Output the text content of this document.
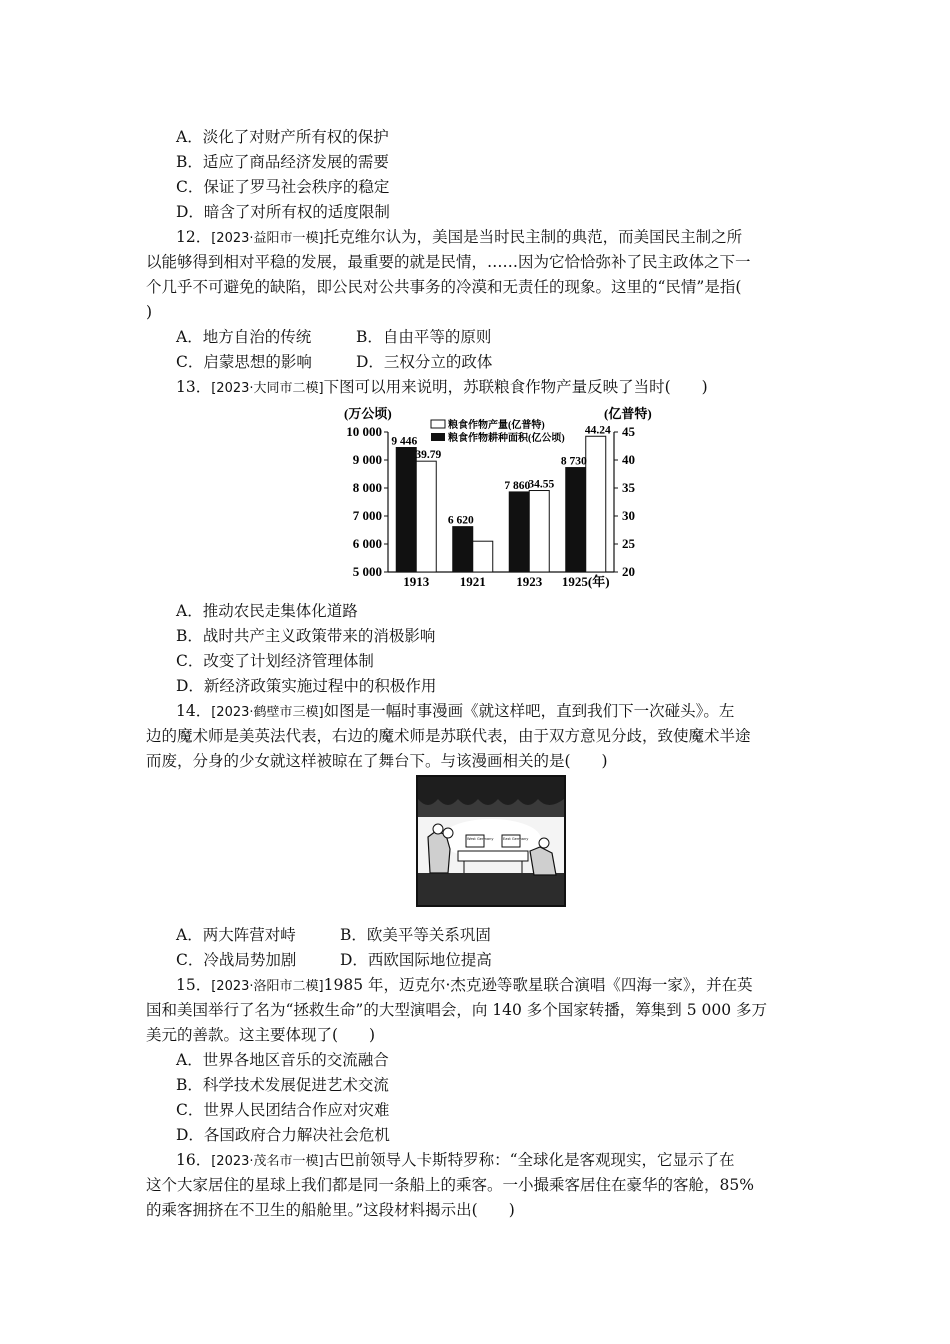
A．淡化了对财产所有权的保护
B．适应了商品经济发展的需要
C．保证了罗马社会秩序的稳定
D．暗含了对所有权的适度限制
12．[2023·益阳市一模]托克维尔认为，美国是当时民主制的典范，而美国民主制之所
以能够得到相对平稳的发展，最重要的就是民情，……因为它恰恰弥补了民主政体之下一
个几乎不可避免的缺陷，即公民对公共事务的冷漠和无责任的现象。这里的“民情”是指(
)
A．地方自治的传统	B．自由平等的原则
C．启蒙思想的影响	D．三权分立的政体
13．[2023·大同市二模]下图可以用来说明，苏联粮食作物产量反映了当时(　　)
(万公顷)	(亿普特)
粮食作物产量(亿普特)
粮食作物耕种面积(亿公顷)
5 000
6 000
7 000
8 000
9 000
10 000
20
25
30
35
40
45
1913
9 446
39.79
1921
6 620
1923
7 860
34.55
1925(年)
8 730
44.24
A．推动农民走集体化道路
B．战时共产主义政策带来的消极影响
C．改变了计划经济管理体制
D．新经济政策实施过程中的积极作用
14．[2023·鹤壁市三模]如图是一幅时事漫画《就这样吧，直到我们下一次碰头》。左
边的魔术师是美英法代表，右边的魔术师是苏联代表，由于双方意见分歧，致使魔术半途
而废，分身的少女就这样被晾在了舞台下。与该漫画相关的是(　　)
West Germany	East Germany
A．两大阵营对峙	B．欧美平等关系巩固
C．冷战局势加剧	D．西欧国际地位提高
15．[2023·洛阳市二模]1985 年，迈克尔·杰克逊等歌星联合演唱《四海一家》，并在英
国和美国举行了名为“拯救生命”的大型演唱会，向 140 多个国家转播，筹集到 5 000 多万
美元的善款。这主要体现了(　　)
A．世界各地区音乐的交流融合
B．科学技术发展促进艺术交流
C．世界人民团结合作应对灾难
D．各国政府合力解决社会危机
16．[2023·茂名市一模]古巴前领导人卡斯特罗称：“全球化是客观现实，它显示了在
这个大家居住的星球上我们都是同一条船上的乘客。一小撮乘客居住在豪华的客舱，85%
的乘客拥挤在不卫生的船舱里。”这段材料揭示出(　　)
